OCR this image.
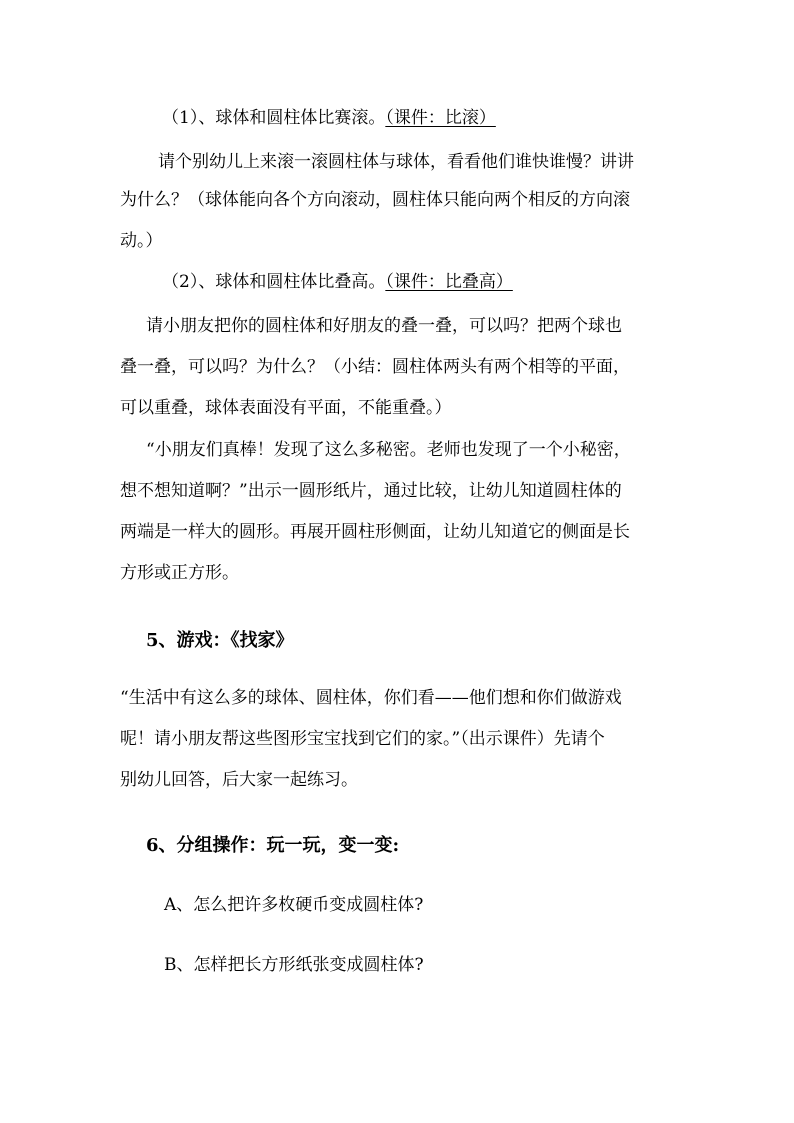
（1）、球体和圆柱体比赛滚。（课件：比滚）
请个别幼儿上来滚一滚圆柱体与球体，看看他们谁快谁慢？讲讲
为什么？（球体能向各个方向滚动，圆柱体只能向两个相反的方向滚
动。）
（2）、球体和圆柱体比叠高。（课件：比叠高）
请小朋友把你的圆柱体和好朋友的叠一叠，可以吗？把两个球也
叠一叠，可以吗？为什么？（小结：圆柱体两头有两个相等的平面，
可以重叠，球体表面没有平面，不能重叠。）
“小朋友们真棒！发现了这么多秘密。老师也发现了一个小秘密，
想不想知道啊？”出示一圆形纸片，通过比较，让幼儿知道圆柱体的
两端是一样大的圆形。再展开圆柱形侧面，让幼儿知道它的侧面是长
方形或正方形。
5、游戏：《找家》
“生活中有这么多的球体、圆柱体，你们看——他们想和你们做游戏
呢！请小朋友帮这些图形宝宝找到它们的家。”（出示课件）先请个
别幼儿回答，后大家一起练习。
6、分组操作：玩一玩，变一变:
A、怎么把许多枚硬币变成圆柱体?
B、怎样把长方形纸张变成圆柱体?
